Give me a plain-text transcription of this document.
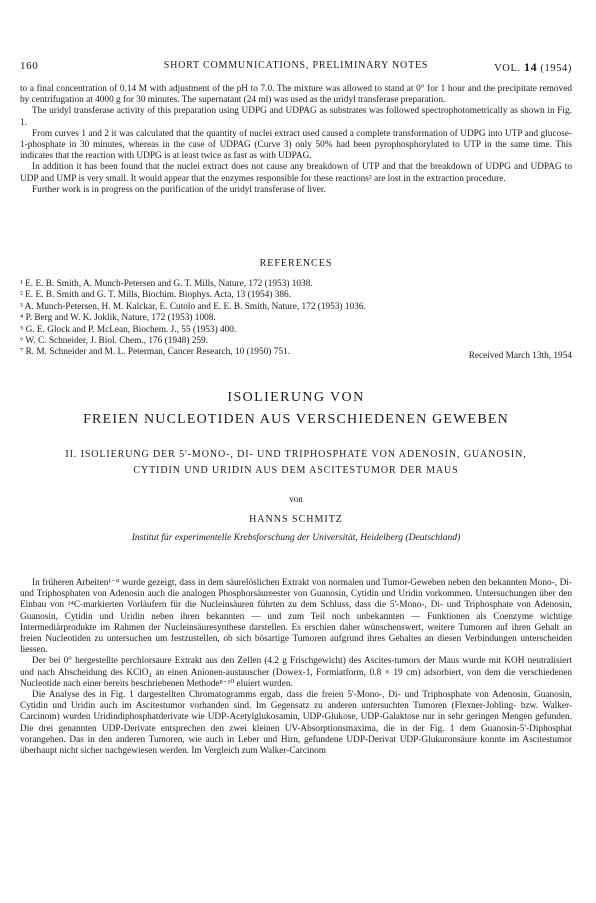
160	SHORT COMMUNICATIONS, PRELIMINARY NOTES	VOL. 14 (1954)

to a final concentration of 0.14 M with adjustment of the pH to 7.0. The mixture was allowed to stand at 0° for 1 hour and the precipitate removed by centrifugation at 4000 g for 30 minutes. The supernatant (24 ml) was used as the uridyl transferase preparation.

The uridyl transferase activity of this preparation using UDPG and UDPAG as substrates was followed spectrophotometrically as shown in Fig. 1.

From curves 1 and 2 it was calculated that the quantity of nuclei extract used caused a complete transformation of UDPG into UTP and glucose-1-phosphate in 30 minutes, whereas in the case of UDPAG (Curve 3) only 50% had been pyrophosphorylated to UTP in the same time. This indicates that the reaction with UDPG is at least twice as fast as with UDPAG.

In addition it has been found that the nuclei extract does not cause any breakdown of UTP and that the breakdown of UDPG and UDPAG to UDP and UMP is very small. It would appear that the enzymes responsible for these reactions² are lost in the extraction procedure.

Further work is in progress on the purification of the uridyl transferase of liver.

REFERENCES
¹ E. E. B. Smith, A. Munch-Petersen and G. T. Mills, Nature, 172 (1953) 1038.
² E. E. B. Smith and G. T. Mills, Biochim. Biophys. Acta, 13 (1954) 386.
³ A. Munch-Petersen, H. M. Kalckar, E. Cutolo and E. E. B. Smith, Nature, 172 (1953) 1036.
⁴ P. Berg and W. K. Joklik, Nature, 172 (1953) 1008.
⁵ G. E. Glock and P. McLean, Biochem. J., 55 (1953) 400.
⁶ W. C. Schneider, J. Biol. Chem., 176 (1948) 259.
⁷ R. M. Schneider and M. L. Peterman, Cancer Research, 10 (1950) 751.	Received March 13th, 1954
ISOLIERUNG VON
FREIEN NUCLEOTIDEN AUS VERSCHIEDENEN GEWEBEN
II. ISOLIERUNG DER 5'-MONO-, DI- UND TRIPHOSPHATE VON ADENOSIN, GUANOSIN,
CYTIDIN UND URIDIN AUS DEM ASCITESTUMOR DER MAUS
von
HANNS SCHMITZ
Institut für experimentelle Krebsforschung der Universität, Heidelberg (Deutschland)

In früheren Arbeiten¹⁻⁸ wurde gezeigt, dass in dem säurelöslichen Extrakt von normalen und Tumor-Geweben neben den bekannten Mono-, Di- und Triphosphaten von Adenosin auch die analogen Phosphorsäureester von Guanosin, Cytidin und Uridin vorkommen. Untersuchungen über den Einbau von ¹⁴C-markierten Vorläufern für die Nucleinsäuren führten zu dem Schluss, dass die 5'-Mono-, Di- und Triphosphate von Adenosin, Guanosin, Cytidin und Uridin neben ihren bekannten — und zum Teil noch unbekannten — Funktionen als Coenzyme wichtige Intermediärprodukte im Rahmen der Nucleinsäuresynthese darstellen. Es erschien daher wünschenswert, weitere Tumoren auf ihren Gehalt an freien Nucleotiden zu untersuchen um festzustellen, ob sich bösartige Tumoren aufgrund ihres Gehaltes an diesen Verbindungen unterscheiden liessen.

Der bei 0° hergestellte perchlorsaure Extrakt aus den Zellen (4.2 g Frischgewicht) des Ascites-tumors der Maus wurde mit KOH neutralisiert und nach Abscheidung des KClO₄ an einen Anionen-austauscher (Dowex-1, Formiatform, 0.8 × 19 cm) adsorbiert, von dem die verschiedenen Nucleotide nach einer bereits beschriebenen Methode⁸⁻¹⁰ eluiert wurden.

Die Analyse des in Fig. 1 dargestellten Chromatogramms ergab, dass die freien 5'-Mono-, Di- und Triphosphate von Adenosin, Guanosin, Cytidin und Uridin auch im Ascitestumor vorhanden sind. Im Gegensatz zu anderen untersuchten Tumoren (Flexner-Jobling- bzw. Walker-Carcinom) wurden Uridindiphosphatderivate wie UDP-Acetylglukosamin, UDP-Glukose, UDP-Galaktose nur in sehr geringen Mengen gefunden. Die drei genannten UDP-Derivate entsprechen den zwei kleinen UV-Absorptionsmaxima, die in der Fig. 1 dem Guanosin-5'-Diphosphat vorangehen. Das in den anderen Tumoren, wie auch in Leber und Hirn, gefundene UDP-Derivat UDP-Glukuronsäure konnte im Ascitestumor überhaupt nicht sicher nachgewiesen werden. Im Vergleich zum Walker-Carcinom
